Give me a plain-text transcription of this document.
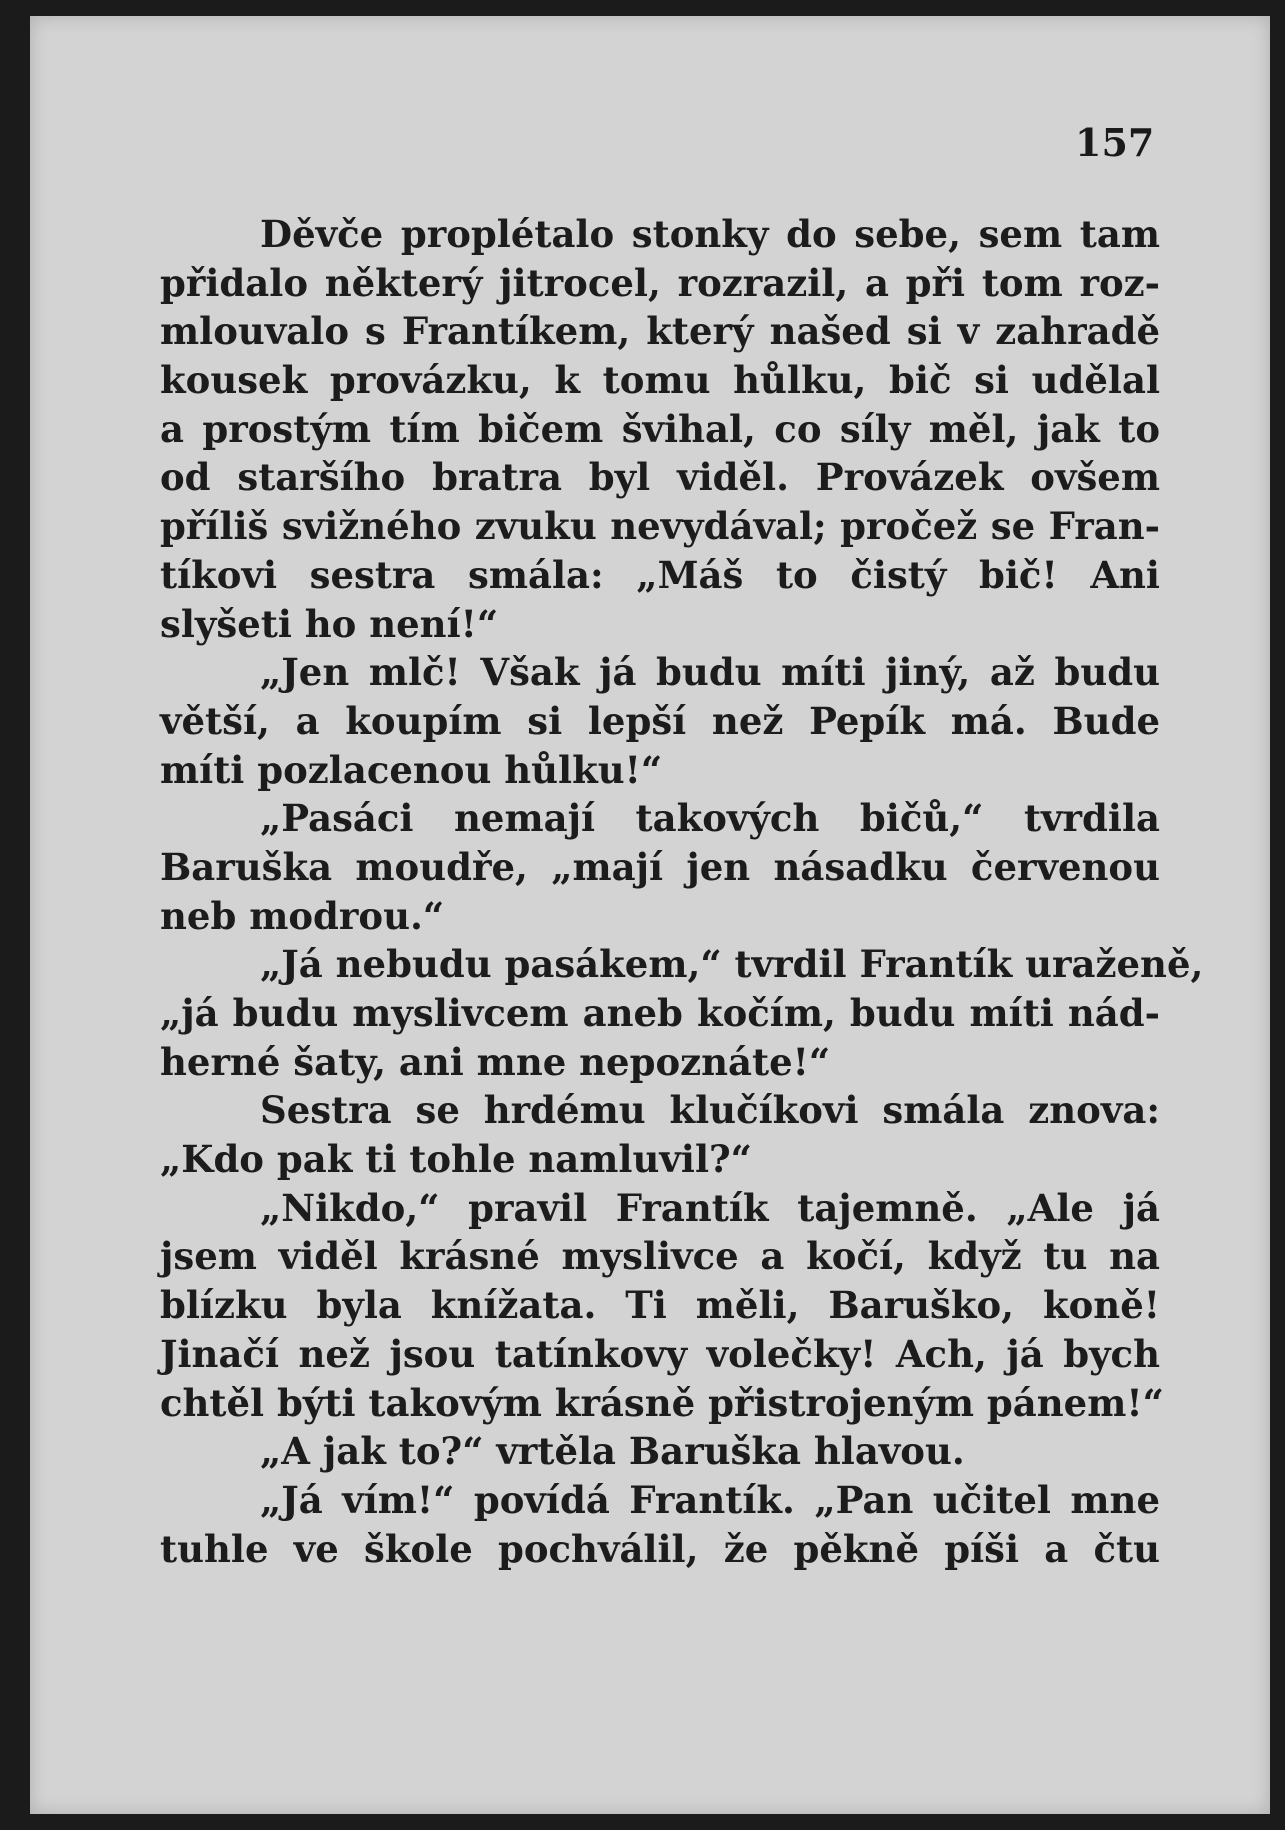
157
Děvče proplétalo stonky do sebe, sem tam
přidalo některý jitrocel, rozrazil, a při tom roz-
mlouvalo s Frantíkem, který našed si v zahradě
kousek provázku, k tomu hůlku, bič si udělal
a prostým tím bičem švihal, co síly měl, jak to
od staršího bratra byl viděl. Provázek ovšem
příliš svižného zvuku nevydával; pročež se Fran-
tíkovi sestra smála: „Máš to čistý bič! Ani
slyšeti ho není!“
„Jen mlč! Však já budu míti jiný, až budu
větší, a koupím si lepší než Pepík má. Bude
míti pozlacenou hůlku!“
„Pasáci nemají takových bičů,“ tvrdila
Baruška moudře, „mají jen násadku červenou
neb modrou.“
„Já nebudu pasákem,“ tvrdil Frantík uraženě,
„já budu myslivcem aneb kočím, budu míti nád-
herné šaty, ani mne nepoznáte!“
Sestra se hrdému klučíkovi smála znova:
„Kdo pak ti tohle namluvil?“
„Nikdo,“ pravil Frantík tajemně. „Ale já
jsem viděl krásné myslivce a kočí, když tu na
blízku byla knížata. Ti měli, Baruško, koně!
Jinačí než jsou tatínkovy volečky! Ach, já bych
chtěl býti takovým krásně přistrojeným pánem!“
„A jak to?“ vrtěla Baruška hlavou.
„Já vím!“ povídá Frantík. „Pan učitel mne
tuhle ve škole pochválil, že pěkně píši a čtu
